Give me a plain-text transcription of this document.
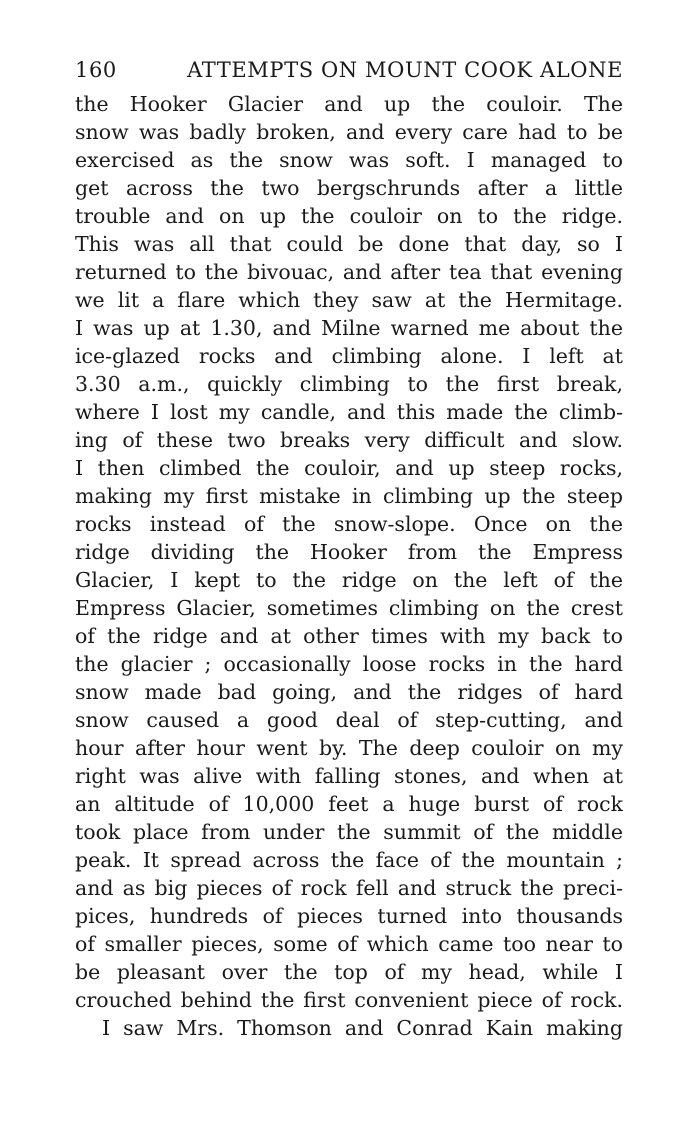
160	ATTEMPTS ON MOUNT COOK ALONE
the Hooker Glacier and up the couloir. The
snow was badly broken, and every care had to be
exercised as the snow was soft. I managed to
get across the two bergschrunds after a little
trouble and on up the couloir on to the ridge.
This was all that could be done that day, so I
returned to the bivouac, and after tea that evening
we lit a flare which they saw at the Hermitage.
I was up at 1.30, and Milne warned me about the
ice-glazed rocks and climbing alone. I left at
3.30 a.m., quickly climbing to the first break,
where I lost my candle, and this made the climb-
ing of these two breaks very difficult and slow.
I then climbed the couloir, and up steep rocks,
making my first mistake in climbing up the steep
rocks instead of the snow-slope. Once on the
ridge dividing the Hooker from the Empress
Glacier, I kept to the ridge on the left of the
Empress Glacier, sometimes climbing on the crest
of the ridge and at other times with my back to
the glacier ; occasionally loose rocks in the hard
snow made bad going, and the ridges of hard
snow caused a good deal of step-cutting, and
hour after hour went by. The deep couloir on my
right was alive with falling stones, and when at
an altitude of 10,000 feet a huge burst of rock
took place from under the summit of the middle
peak. It spread across the face of the mountain ;
and as big pieces of rock fell and struck the preci-
pices, hundreds of pieces turned into thousands
of smaller pieces, some of which came too near to
be pleasant over the top of my head, while I
crouched behind the first convenient piece of rock.
I saw Mrs. Thomson and Conrad Kain making
